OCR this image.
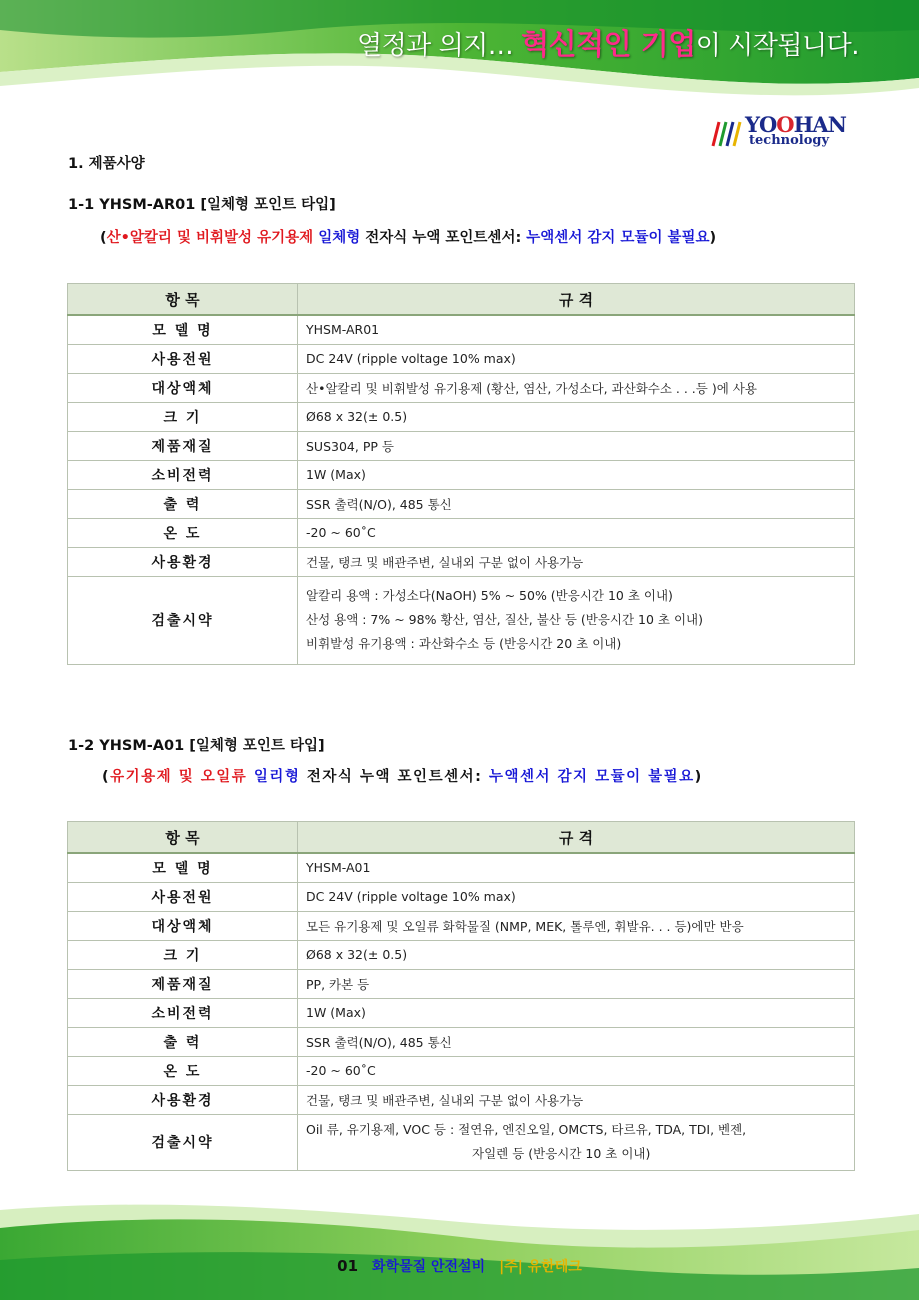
열정과 의지… 혁신적인 기업이 시작됩니다.
YOOHAN
technology
1. 제품사양
1-1 YHSM-AR01 [일체형 포인트 타입]
(산•알칼리 및 비휘발성 유기용제 일체형 전자식 누액 포인트센서: 누액센서 감지 모듈이 불필요)
항 목	규 격
모 델 명	YHSM-AR01
사용전원	DC 24V (ripple voltage 10% max)
대상액체	산•알칼리 및 비휘발성 유기용제 (황산, 염산, 가성소다, 과산화수소 . . .등 )에 사용
크 기	Ø68 x 32(± 0.5)
제품재질	SUS304, PP 등
소비전력	1W (Max)
출 력	SSR 출력(N/O), 485 통신
온 도	-20 ~ 60˚C
사용환경	건물, 탱크 및 배관주변, 실내외 구분 없이 사용가능
검출시약	알칼리 용액 : 가성소다(NaOH) 5% ~ 50% (반응시간 10 초 이내)
산성 용액 : 7% ~ 98% 황산, 염산, 질산, 불산 등 (반응시간 10 초 이내)
비휘발성 유기용액 : 과산화수소 등 (반응시간 20 초 이내)
1-2 YHSM-A01 [일체형 포인트 타입]
(유기용제 및 오일류 일리형 전자식 누액 포인트센서: 누액센서 감지 모듈이 불필요)
항 목	규 격
모 델 명	YHSM-A01
사용전원	DC 24V (ripple voltage 10% max)
대상액체	모든 유기용제 및 오일류 화학물질 (NMP, MEK, 톨루엔, 휘발유. . . 등)에만 반응
크 기	Ø68 x 32(± 0.5)
제품재질	PP, 카본 등
소비전력	1W (Max)
출 력	SSR 출력(N/O), 485 통신
온 도	-20 ~ 60˚C
사용환경	건물, 탱크 및 배관주변, 실내외 구분 없이 사용가능
검출시약	Oil 류, 유기용제, VOC 등 : 절연유, 엔진오일, OMCTS, 타르유, TDA, TDI, 벤젠,
자일렌 등 (반응시간 10 초 이내)
01 화학물질 안전설비 |주| 유한테크
